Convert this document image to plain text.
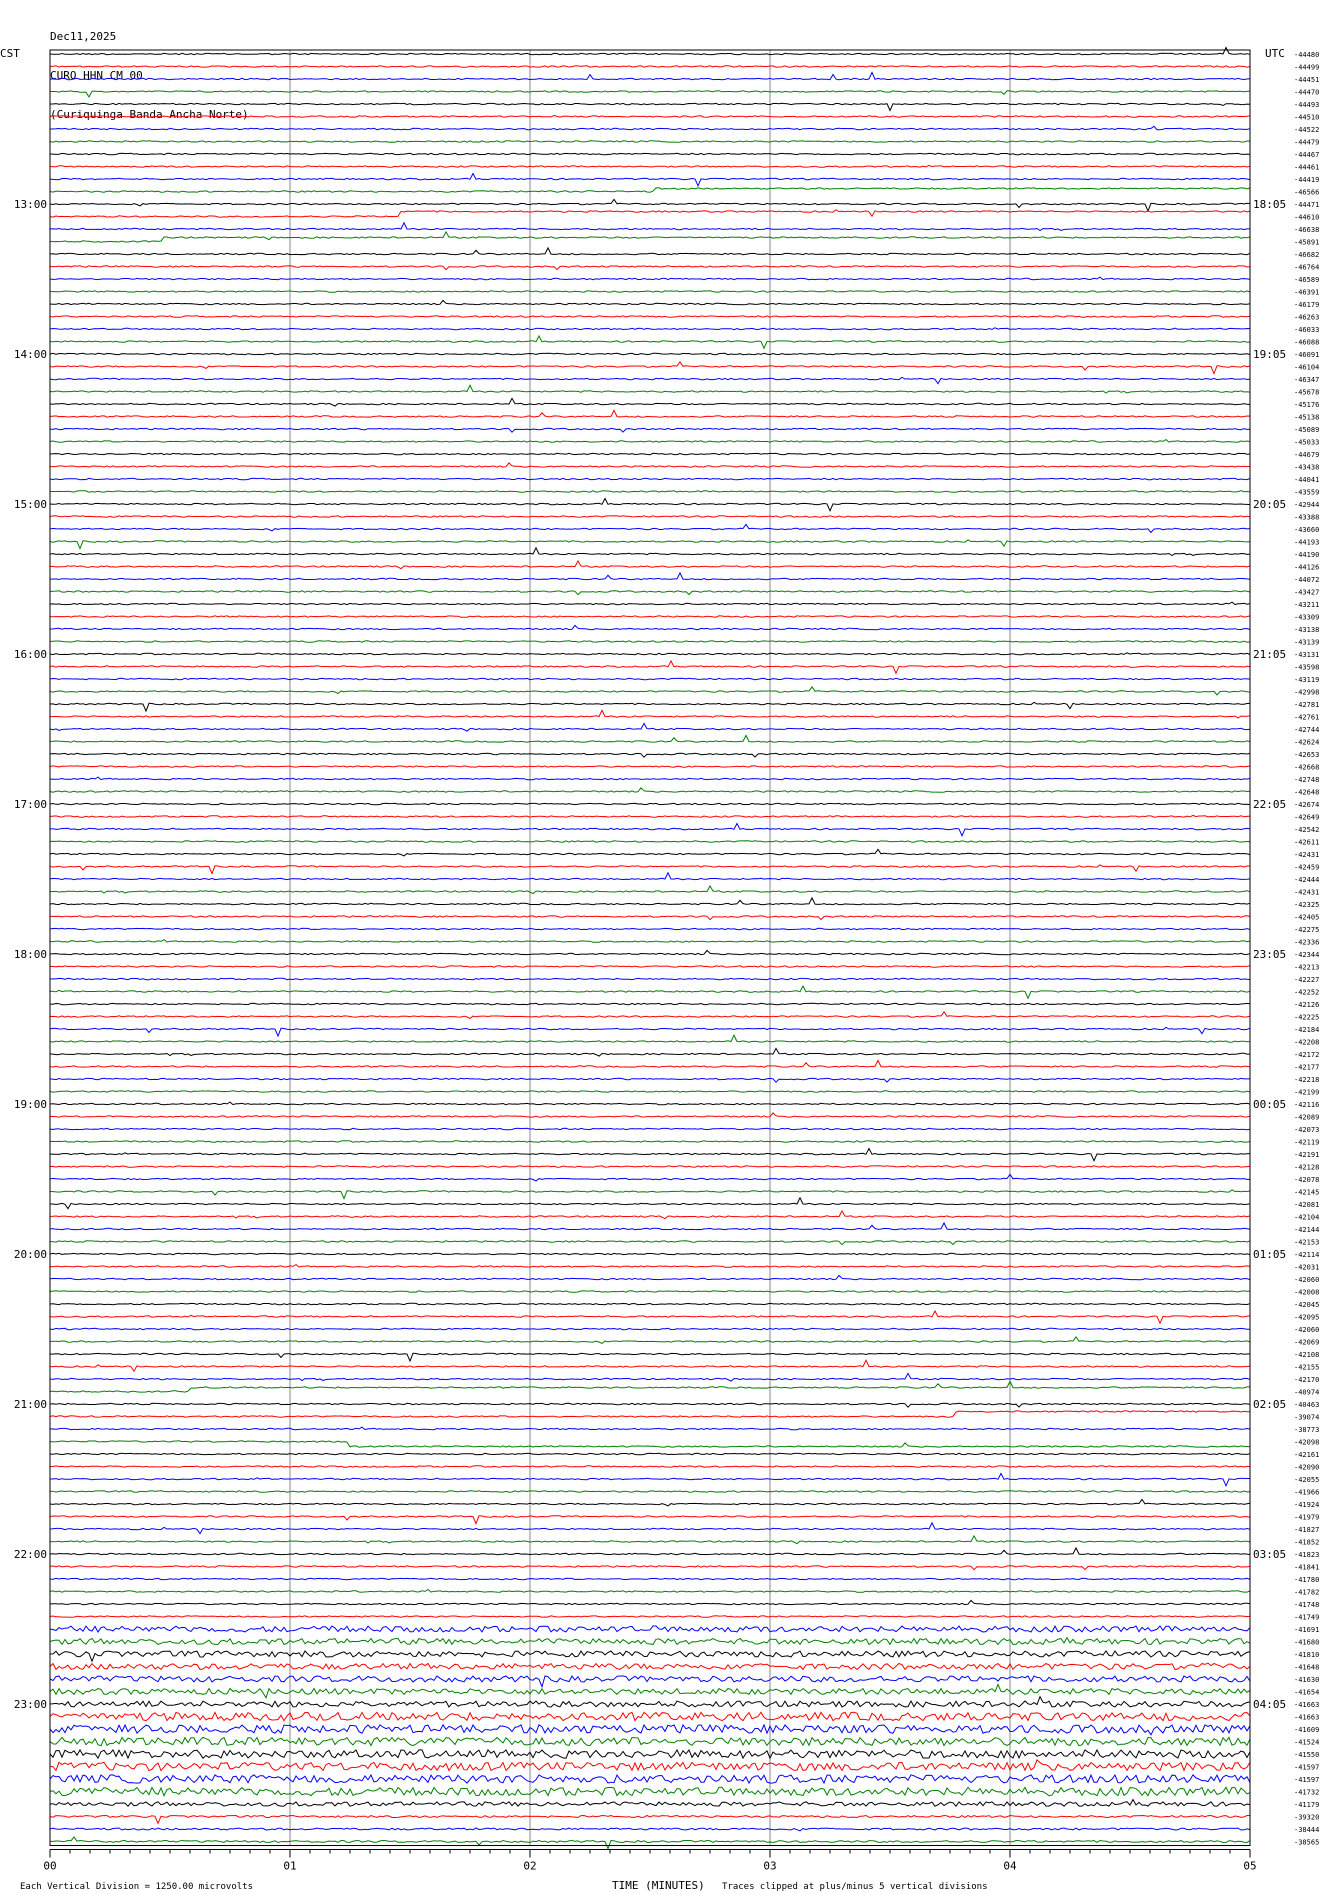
Dec11,2025

CURO HHN CM 00

(Curiquinga Banda Ancha Norte)

-44480
-44499
-44451
-44470
-44493
-44510
-44522
-44479
-44467
-44461
-44419
-46566
-44471
-44610
-46638
-45891
-46682
-46764
-46589
-46391
-46179
-46263
-46033
-46088
-46091
-46104
-46347
-45678
-45176
-45138
-45089
-45033
-44679
-43438
-44041
-43559
-42944
-43388
-43660
-44193
-44190
-44126
-44072
-43427
-43211
-43309
-43138
-43139
-43131
-43598
-43119
-42998
-42781
-42761
-42744
-42624
-42653
-42668
-42748
-42648
-42674
-42649
-42542
-42611
-42431
-42459
-42444
-42431
-42325
-42405
-42275
-42336
-42344
-42213
-42227
-42252
-42126
-42225
-42184
-42208
-42172
-42177
-42218
-42199
-42116
-42089
-42073
-42119
-42191
-42128
-42078
-42145
-42081
-42104
-42144
-42153
-42114
-42031
-42060
-42008
-42045
-42095
-42060
-42069
-42108
-42155
-42170
-40974
-40463
-39074
-38773
-42098
-42161
-42090
-42055
-41966
-41924
-41979
-41827
-41852
-41823
-41841
-41780
-41782
-41748
-41749
-41691
-41680
-41810
-41648
-41630
-41654
-41663
-41663
-41609
-41524
-41550
-41597
-41597
-41732
-41179
-39320
-38444
-38565
13:00	18:05
14:00	19:05
15:00	20:05
16:00	21:05
17:00	22:05
18:00	23:05
19:00	00:05
20:00	01:05
21:00	02:05
22:00	03:05
23:00	04:05
CST	UTC
00	01	02	03	04	05
Each Vertical Division = 1250.00 microvolts	TIME (MINUTES) Traces clipped at plus/minus 5 vertical divisions
